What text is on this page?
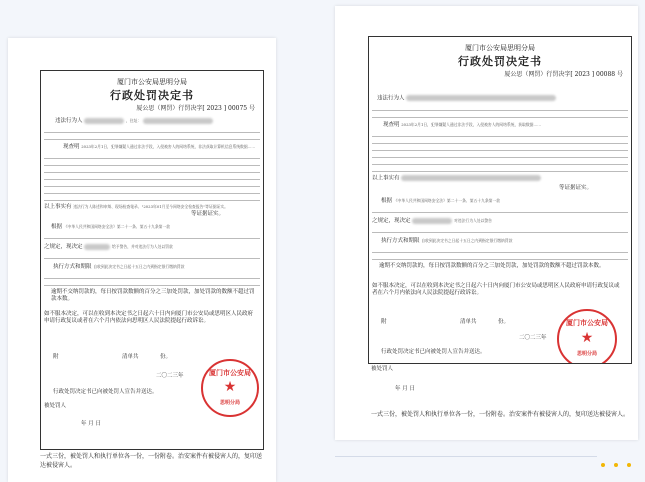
厦门市公安局思明分局
行政处罚决定书
厦公思（网罚）行罚决字[ 2023 ] 00075 号
违法行为人	，住址：
现查明 2023年2月1日，犯罪嫌疑人通过非法手段，入侵被害人的网络系统，非法获取计算机信息系统数据……
以上事实有 违法行为人陈述和申辩、现场检查笔录、"2023年01月至今网络安全检查报告"等证据证实。
等证据证实。
根据 《中华人民共和国网络安全法》第二十一条、第五十九条第一款
之规定，现决定	给予警告，并对违法行为人处以罚款
执行方式和期限 自收到此决定书之日起十五日之内到指定银行缴纳罚款
逾期不交纳罚款的，每日按罚款数额的百分之三加处罚款，加处罚款的数额不超过罚款本数。
如不服本决定，可以在收到本决定书之日起六十日内向厦门市公安局或思明区人民政府申请行政复议或者在六个月内依法向思明区人民法院提起行政诉讼。
附	清单共	份。
二〇二三年
行政处罚决定书已向被处罚人宣告并送达。
被处罚人
年 月 日
厦门市公安局
★
思明分局
一式三份，被处罚人和执行单位各一份，一份附卷。治安案件有被侵害人的，复印送达被侵害人。
厦门市公安局思明分局
行政处罚决定书
厦公思（网罚）行罚决字[ 2023 ] 00088 号
违法行为人
现查明 2023年2月1日，犯罪嫌疑人通过非法手段，入侵被害人的网络系统，获取数据……
以上事实有
等证据证实。
根据 《中华人民共和国网络安全法》第二十一条、第五十九条第一款
之规定，现决定	对违法行为人处以警告
执行方式和期限 自收到此决定书之日起十五日之内到指定银行缴纳罚款
逾期不交纳罚款的，每日按罚款数额的百分之三加处罚款，加处罚款的数额不超过罚款本数。
如不服本决定，可以在收到本决定书之日起六十日内向厦门市公安局或思明区人民政府申请行政复议或者在六个月内依法向人民法院提起行政诉讼。
附	清单共	份。
二〇二三年
行政处罚决定书已向被处罚人宣告并送达。
厦门市公安局
★
思明分局
被处罚人
年 月 日
一式三份，被处罚人和执行单位各一份，一份附卷。治安案件有被侵害人的，复印送达被侵害人。
